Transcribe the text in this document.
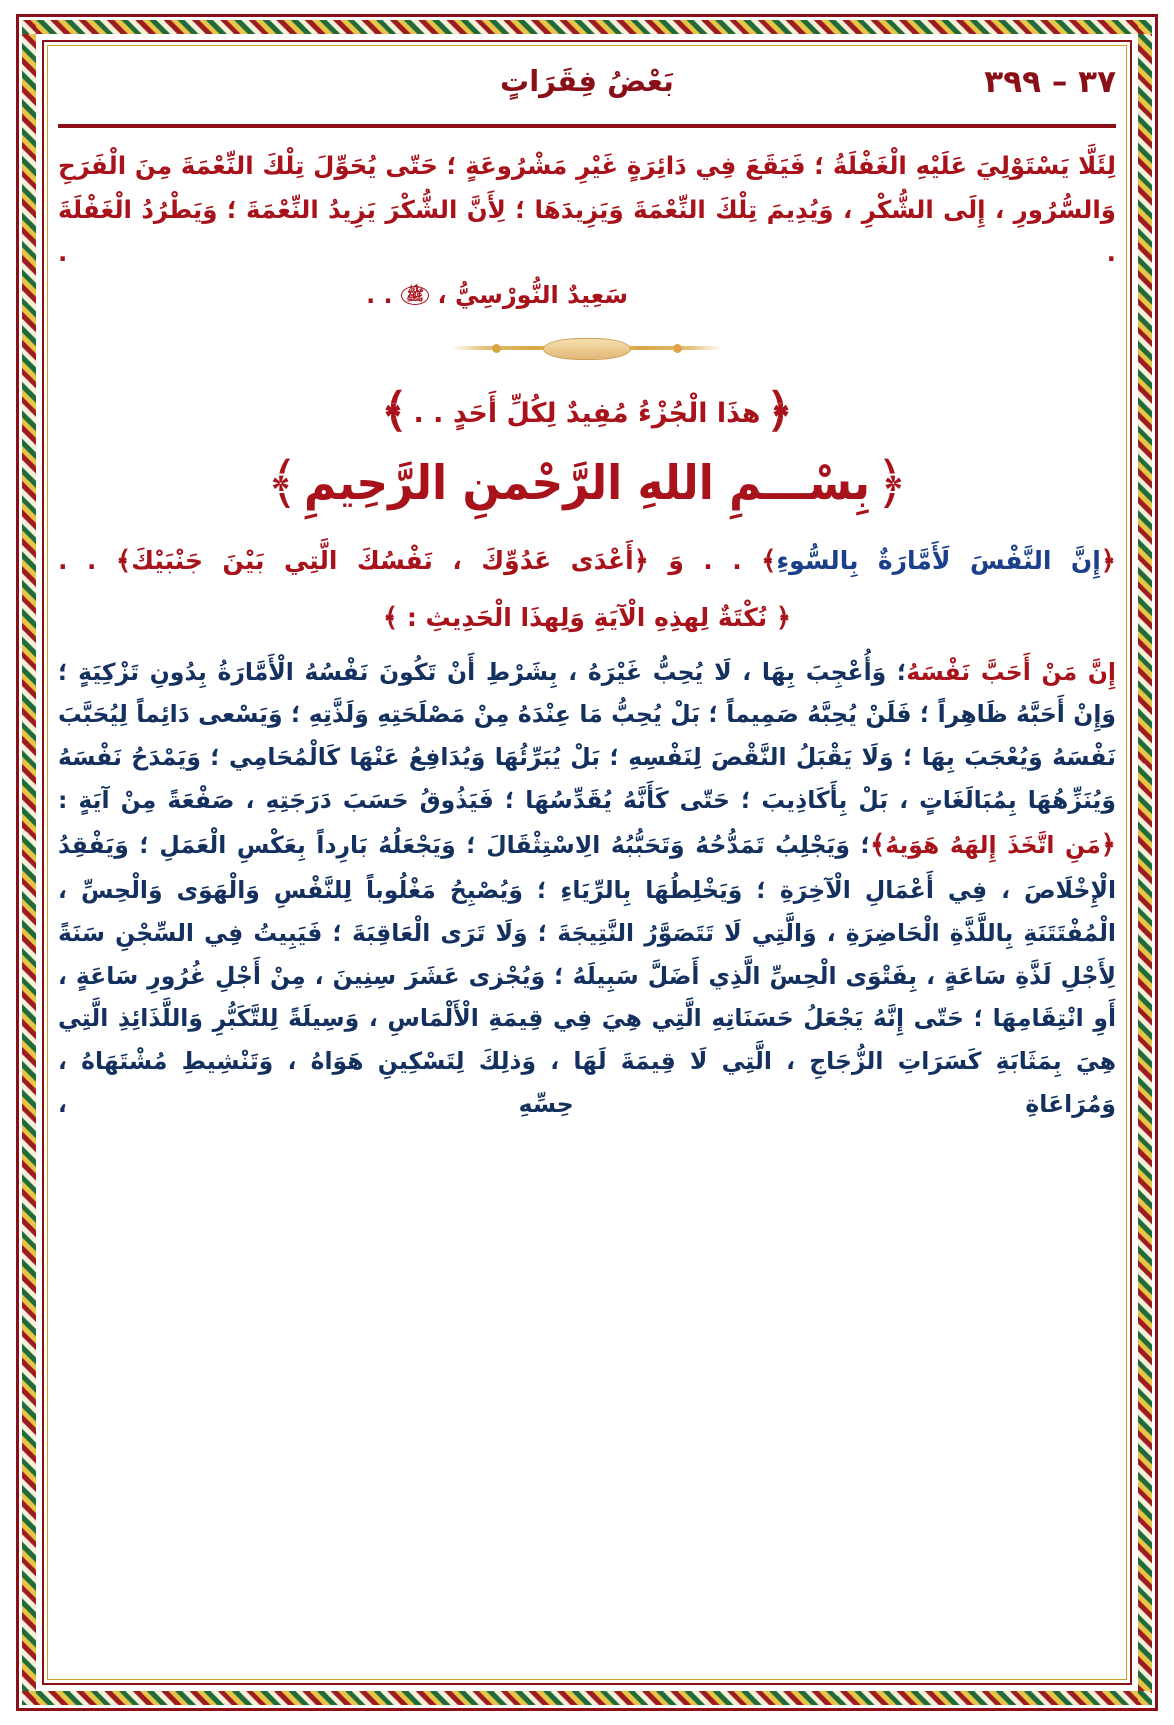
٣٧ – ٣٩٩
بَعْضُ فِقَرَاتٍ

لِئَلَّا يَسْتَوْلِيَ عَلَيْهِ الْغَفْلَةُ ؛ فَيَقَعَ فِي دَائِرَةٍ غَيْرِ مَشْرُوعَةٍ ؛ حَتّى يُحَوِّلَ تِلْكَ النِّعْمَةَ مِنَ الْفَرَحِ وَالسُّرُورِ ، إِلَى الشُّكْرِ ، وَيُدِيمَ تِلْكَ النِّعْمَةَ وَيَزِيدَهَا ؛ لِأَنَّ الشُّكْرَ يَزِيدُ النِّعْمَةَ ؛ وَيَطْرُدُ الْغَفْلَةَ . .

سَعِيدٌ النُّورْسِيُّ ، ﷺ . .
﴿ هذَا الْجُزْءُ مُفِيدٌ لِكُلِّ أَحَدٍ . . ﴾
﴿ بِسْـــمِ اللهِ الرَّحْمنِ الرَّحِيمِ ﴾
﴿إِنَّ النَّفْسَ لَأَمَّارَةٌ بِالسُّوءِ﴾ . . وَ ﴿أَعْدَى عَدُوِّكَ ، نَفْسُكَ الَّتِي بَيْنَ جَنْبَيْكَ﴾ . .
﴿ نُكْتَةٌ لِهذِهِ الْآيَةِ وَلِهذَا الْحَدِيثِ : ﴾

إِنَّ مَنْ أَحَبَّ نَفْسَهُ؛ وَأُعْجِبَ بِهَا ، لَا يُحِبُّ غَيْرَهُ ، بِشَرْطِ أَنْ تَكُونَ نَفْسُهُ الْأَمَّارَةُ بِدُونِ تَزْكِيَةٍ ؛ وَإِنْ أَحَبَّهُ ظَاهِراً ؛ فَلَنْ يُحِبَّهُ صَمِيماً ؛ بَلْ يُحِبُّ مَا عِنْدَهُ مِنْ مَصْلَحَتِهِ وَلَذَّتِهِ ؛ وَيَسْعى دَائِماً لِيُحَبَّبَ نَفْسَهُ وَيُعْجَبَ بِهَا ؛ وَلَا يَقْبَلُ النَّقْصَ لِنَفْسِهِ ؛ بَلْ يُبَرِّئُهَا وَيُدَافِعُ عَنْهَا كَالْمُحَامِي ؛ وَيَمْدَحُ نَفْسَهُ وَيُنَزِّهُهَا بِمُبَالَغَاتٍ ، بَلْ بِأَكَاذِيبَ ؛ حَتّى كَأَنَّهُ يُقَدِّسُهَا ؛ فَيَذُوقُ حَسَبَ دَرَجَتِهِ ، صَفْعَةً مِنْ آيَةٍ : ﴿مَنِ اتَّخَذَ إِلهَهُ هَوَيهُ﴾؛ وَيَجْلِبُ تَمَدُّحُهُ وَتَحَبُّبُهُ الِاسْتِثْقَالَ ؛ وَيَجْعَلُهُ بَارِداً بِعَكْسِ الْعَمَلِ ؛ وَيَفْقِدُ الْإِخْلَاصَ ، فِي أَعْمَالِ الْآخِرَةِ ؛ وَيَخْلِطُهَا بِالرِّيَاءِ ؛ وَيُصْبِحُ مَغْلُوباً لِلنَّفْسِ وَالْهَوَى وَالْحِسِّ ، الْمُفْتَتَنَةِ بِاللَّذَّةِ الْحَاضِرَةِ ، وَالَّتِي لَا تَتَصَوَّرُ النَّتِيجَةَ ؛ وَلَا تَرَى الْعَاقِبَةَ ؛ فَيَبِيتُ فِي السِّجْنِ سَنَةً لِأَجْلِ لَذَّةِ سَاعَةٍ ، بِفَتْوَى الْحِسِّ الَّذِي أَضَلَّ سَبِيلَهُ ؛ وَيُجْزى عَشَرَ سِنِينَ ، مِنْ أَجْلِ غُرُورِ سَاعَةٍ ، أَوِ انْتِقَامِهَا ؛ حَتّى إِنَّهُ يَجْعَلُ حَسَنَاتِهِ الَّتِي هِيَ فِي قِيمَةِ الْأَلْمَاسِ ، وَسِيلَةً لِلتَّكَبُّرِ وَاللَّذَائِذِ الَّتِي هِيَ بِمَثَابَةِ كَسَرَاتِ الزُّجَاجِ ، الَّتِي لَا قِيمَةَ لَهَا ، وَذلِكَ لِتَسْكِينِ هَوَاهُ ، وَتَنْشِيطِ مُشْتَهَاهُ ، وَمُرَاعَاةِ حِسِّهِ ،
